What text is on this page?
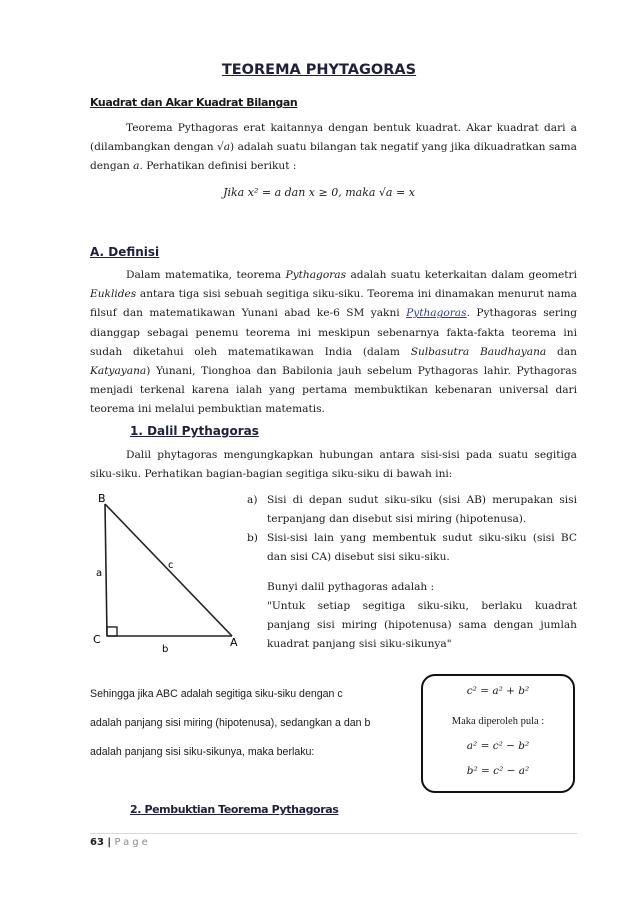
TEOREMA PHYTAGORAS
Kuadrat dan Akar Kuadrat Bilangan
Teorema Pythagoras erat kaitannya dengan bentuk kuadrat. Akar kuadrat dari a (dilambangkan dengan √a) adalah suatu bilangan tak negatif yang jika dikuadratkan sama dengan a. Perhatikan definisi berikut :
Jika x² = a dan x ≥ 0, maka √a = x
A. Definisi
Dalam matematika, teorema Pythagoras adalah suatu keterkaitan dalam geometri Euklides antara tiga sisi sebuah segitiga siku-siku. Teorema ini dinamakan menurut nama filsuf dan matematikawan Yunani abad ke-6 SM yakni Pythagoras. Pythagoras sering dianggap sebagai penemu teorema ini meskipun sebenarnya fakta-fakta teorema ini sudah diketahui oleh matematikawan India (dalam Sulbasutra Baudhayana dan Katyayana) Yunani, Tionghoa dan Babilonia jauh sebelum Pythagoras lahir. Pythagoras menjadi terkenal karena ialah yang pertama membuktikan kebenaran universal dari teorema ini melalui pembuktian matematis.
1. Dalil Pythagoras
Dalil phytagoras mengungkapkan hubungan antara sisi-sisi pada suatu segitiga siku-siku. Perhatikan bagian-bagian segitiga siku-siku di bawah ini:
B
C	A
a
b
c
a) Sisi di depan sudut siku-siku (sisi AB) merupakan sisi terpanjang dan disebut sisi miring (hipotenusa).
b) Sisi-sisi lain yang membentuk sudut siku-siku (sisi BC dan sisi CA) disebut sisi siku-siku.
Bunyi dalil pythagoras adalah :
"Untuk setiap segitiga siku-siku, berlaku kuadrat panjang sisi miring (hipotenusa) sama dengan jumlah kuadrat panjang sisi siku-sikunya"
Sehingga jika ABC adalah segitiga siku-siku dengan c
adalah panjang sisi miring (hipotenusa), sedangkan a dan b
adalah panjang sisi siku-sikunya, maka berlaku:
c² = a² + b²
Maka diperoleh pula :
a² = c² − b²
b² = c² − a²
2. Pembuktian Teorema Pythagoras
63 | Page
